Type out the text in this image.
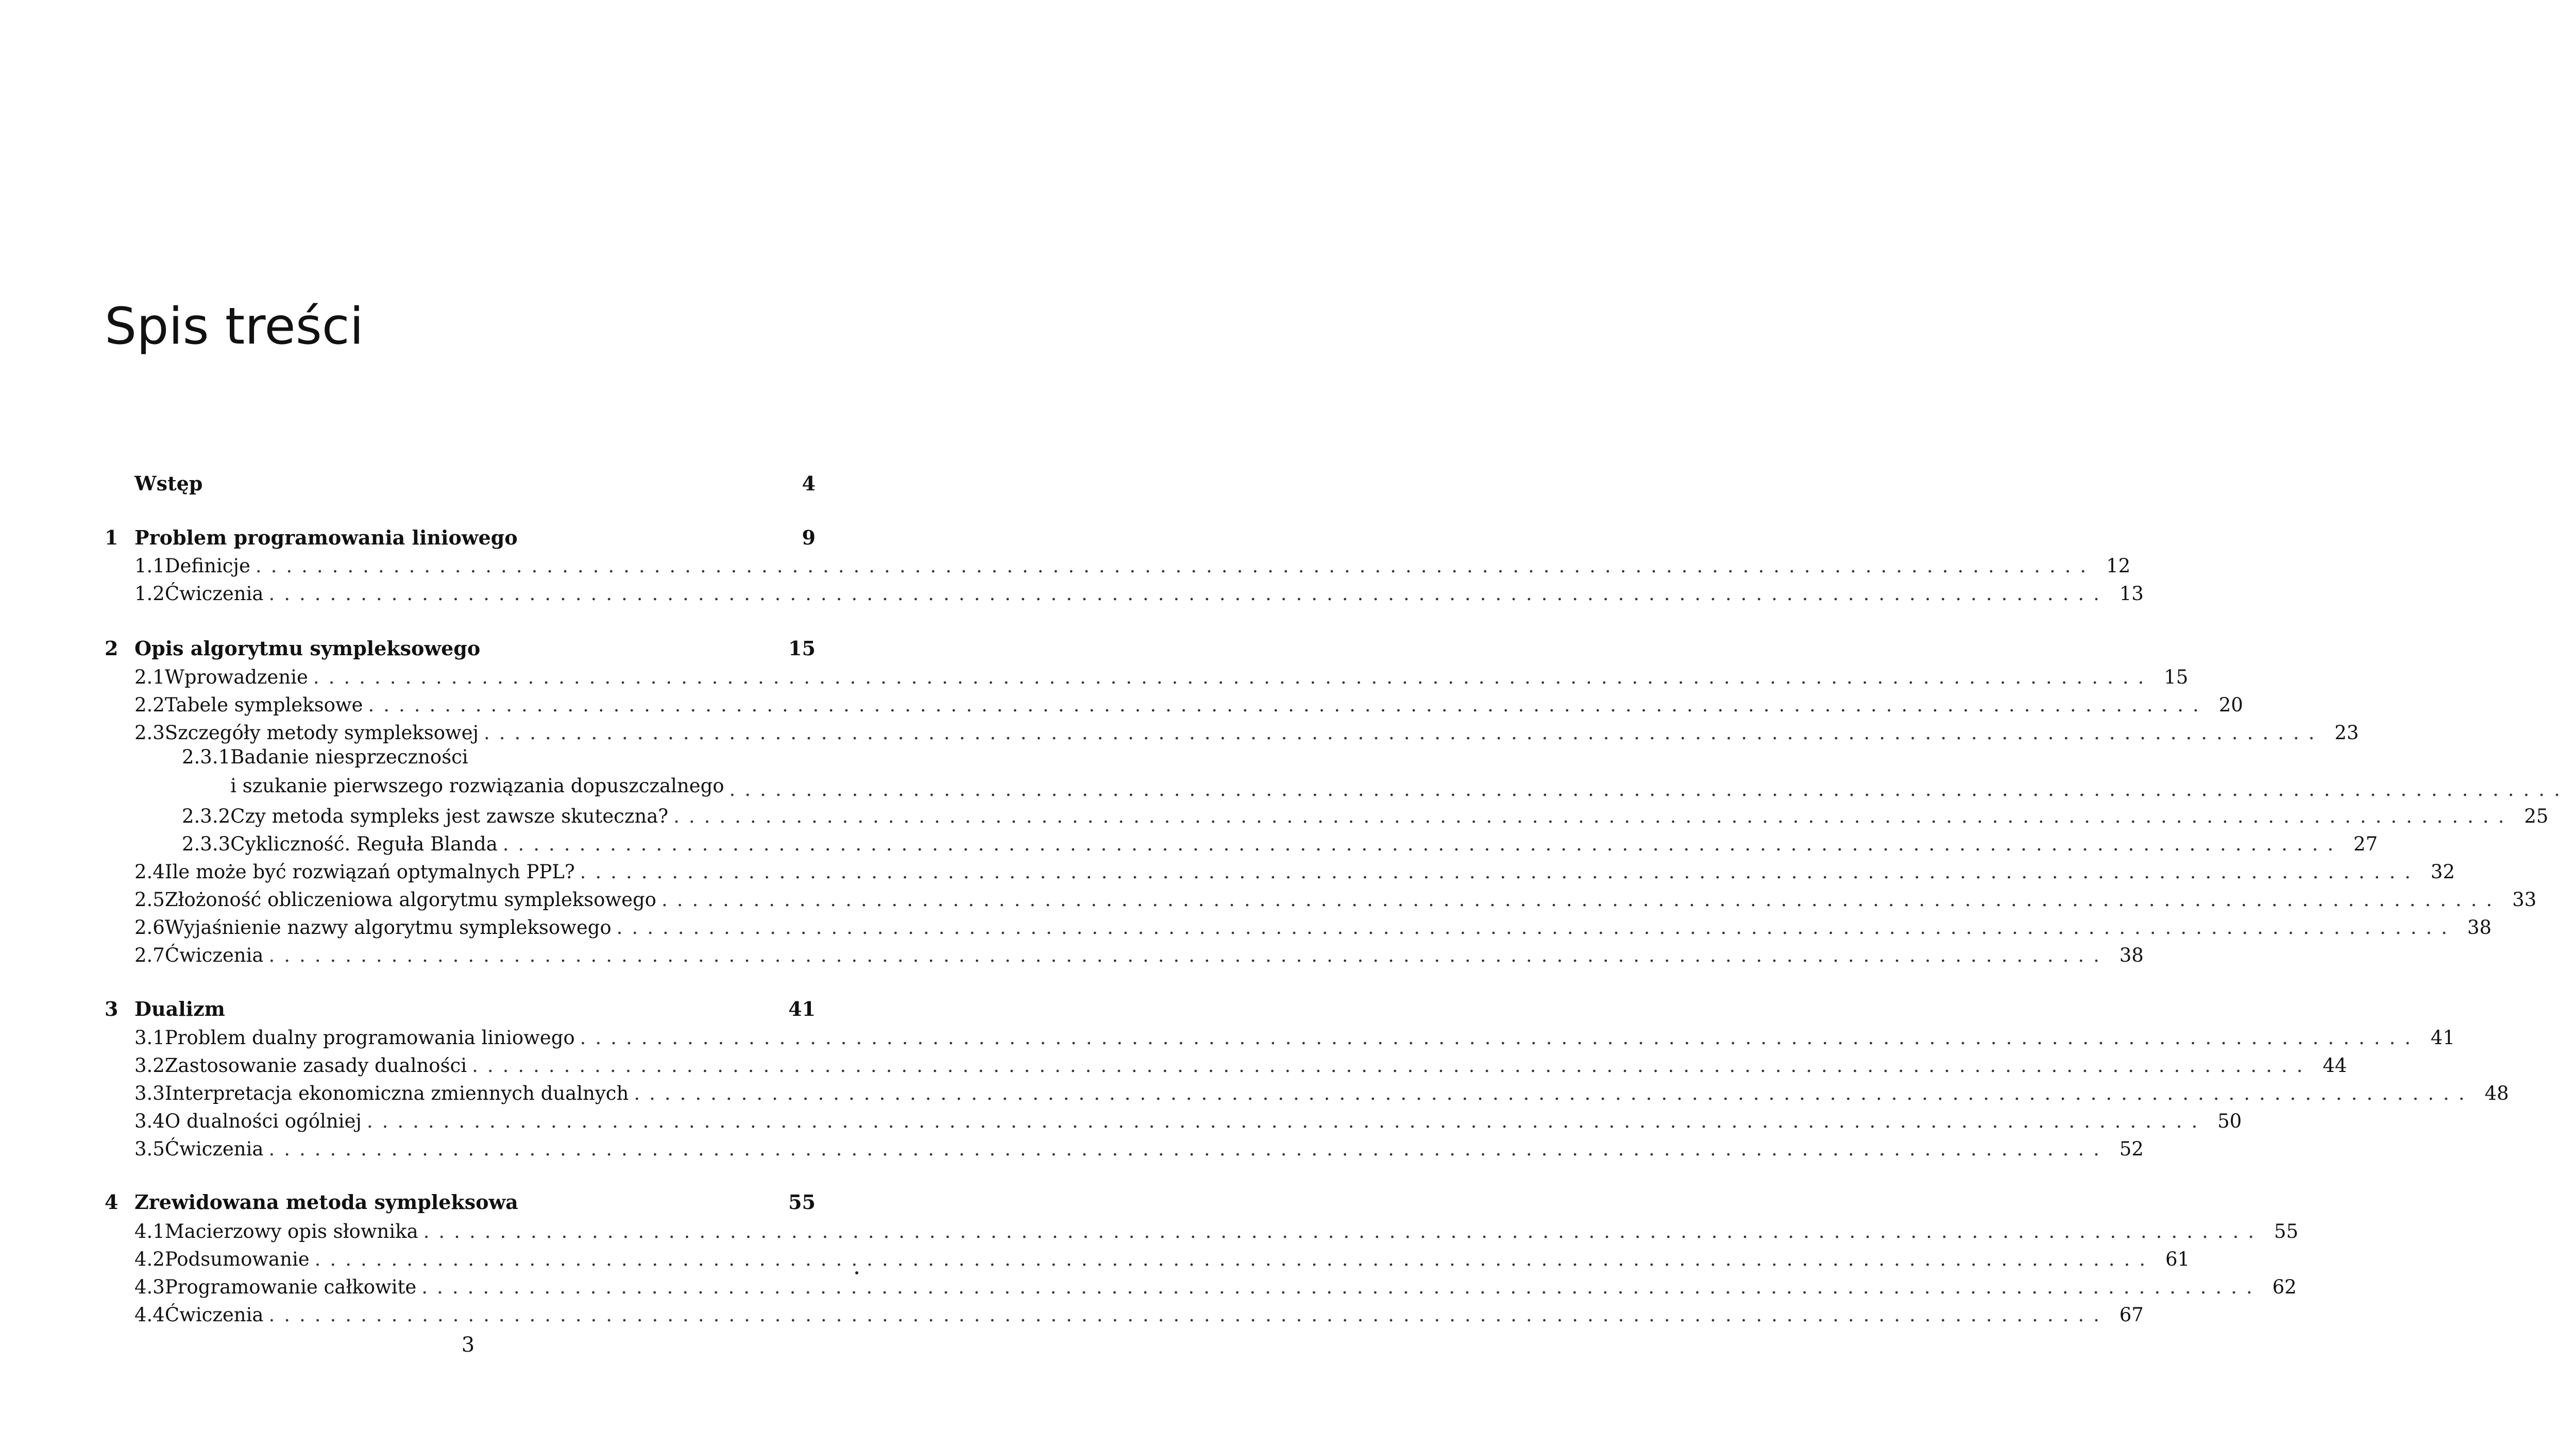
Spis treści
Wstęp	4
1 Problem programowania liniowego	9
1.1 Definicje ........................................................................................................................ 12
1.2 Ćwiczenia ........................................................................................................................ 13
2 Opis algorytmu sympleksowego	15
2.1 Wprowadzenie ........................................................................................................................ 15
2.2 Tabele sympleksowe ........................................................................................................................ 20
2.3 Szczegóły metody sympleksowej ........................................................................................................................ 23
2.3.1 Badanie niesprzeczności
i szukanie pierwszego rozwiązania dopuszczalnego ........................................................................................................................
2.3.2 Czy metoda sympleks jest zawsze skuteczna? ........................................................................................................................ 25
2.3.3 Cykliczność. Reguła Blanda ........................................................................................................................ 27
2.4 Ile może być rozwiązań optymalnych PPL? ........................................................................................................................ 32
2.5 Złożoność obliczeniowa algorytmu sympleksowego ........................................................................................................................ 33
2.6 Wyjaśnienie nazwy algorytmu sympleksowego ........................................................................................................................ 38
2.7 Ćwiczenia ........................................................................................................................ 38
3 Dualizm	41
3.1 Problem dualny programowania liniowego ........................................................................................................................ 41
3.2 Zastosowanie zasady dualności ........................................................................................................................ 44
3.3 Interpretacja ekonomiczna zmiennych dualnych ........................................................................................................................ 48
3.4 O dualności ogólniej ........................................................................................................................ 50
3.5 Ćwiczenia ........................................................................................................................ 52
4 Zrewidowana metoda sympleksowa	55
4.1 Macierzowy opis słownika ........................................................................................................................ 55
4.2 Podsumowanie ........................................................................................................................ 61
4.3 Programowanie całkowite ........................................................................................................................ 62
4.4 Ćwiczenia ........................................................................................................................ 67
3
